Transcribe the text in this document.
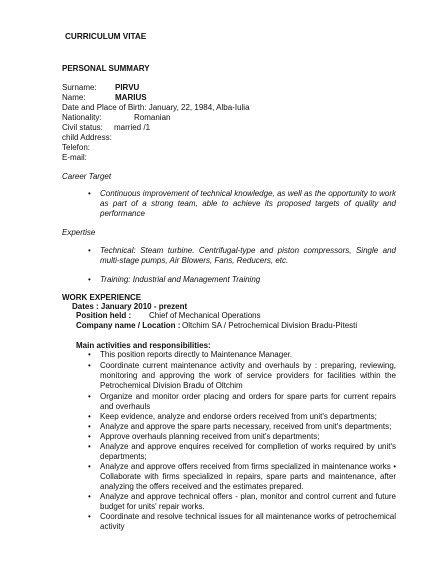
CURRICULUM VITAE
PERSONAL SUMMARY
Surname: PIRVU
Name:	MARIUS
Date and Place of Birth: January, 22, 1984, Alba-Iulia
Nationality:	Romanian
Civil status: married /1
child Address:
Telefon:
E-mail:
Career Target
• Continuous improvement of technical knowledge, as well as the opportunity to work as part of a strong team, able to achieve its proposed targets of quality and performance
Expertise
• Technical: Steam turbine. Centrifugal-type and piston compressors, Single and multi-stage pumps, Air Blowers, Fans, Reducers, etc.
• Training: Industrial and Management Training
WORK EXPERIENCE
Dates : January 2010 - prezent
Position held : Chief of Mechanical Operations
Company name / Location : Oltchim SA / Petrochemical Division Bradu-Pitesti
Main activities and responsibilities:
• This position reports directly to Maintenance Manager.
• Coordinate current maintenance activity and overhauls by : preparing, reviewing, monitoring and approving the work of service providers for facilities within the Petrochemical Division Bradu of Oltchim
• Organize and monitor order placing and orders for spare parts for current repairs and overhauls
• Keep evidence, analyze and endorse orders received from unit's departments;
• Analyze and approve the spare parts necessary, received from unit's departments;
• Approve overhauls planning received from unit's departments;
• Analyze and approve enquires received for complletion of works required by unit's departments;
• Analyze and approve offers received from firms specialized in maintenance works • Collaborate with firms specialized in repairs, spare parts and maintenance, after analyzing the offers received and the estimates prepared.
• Analyze and approve technical offers - plan, monitor and control current and future budget for units' repair works.
• Coordinate and resolve technical issues for all maintenance works of petrochemical activity
